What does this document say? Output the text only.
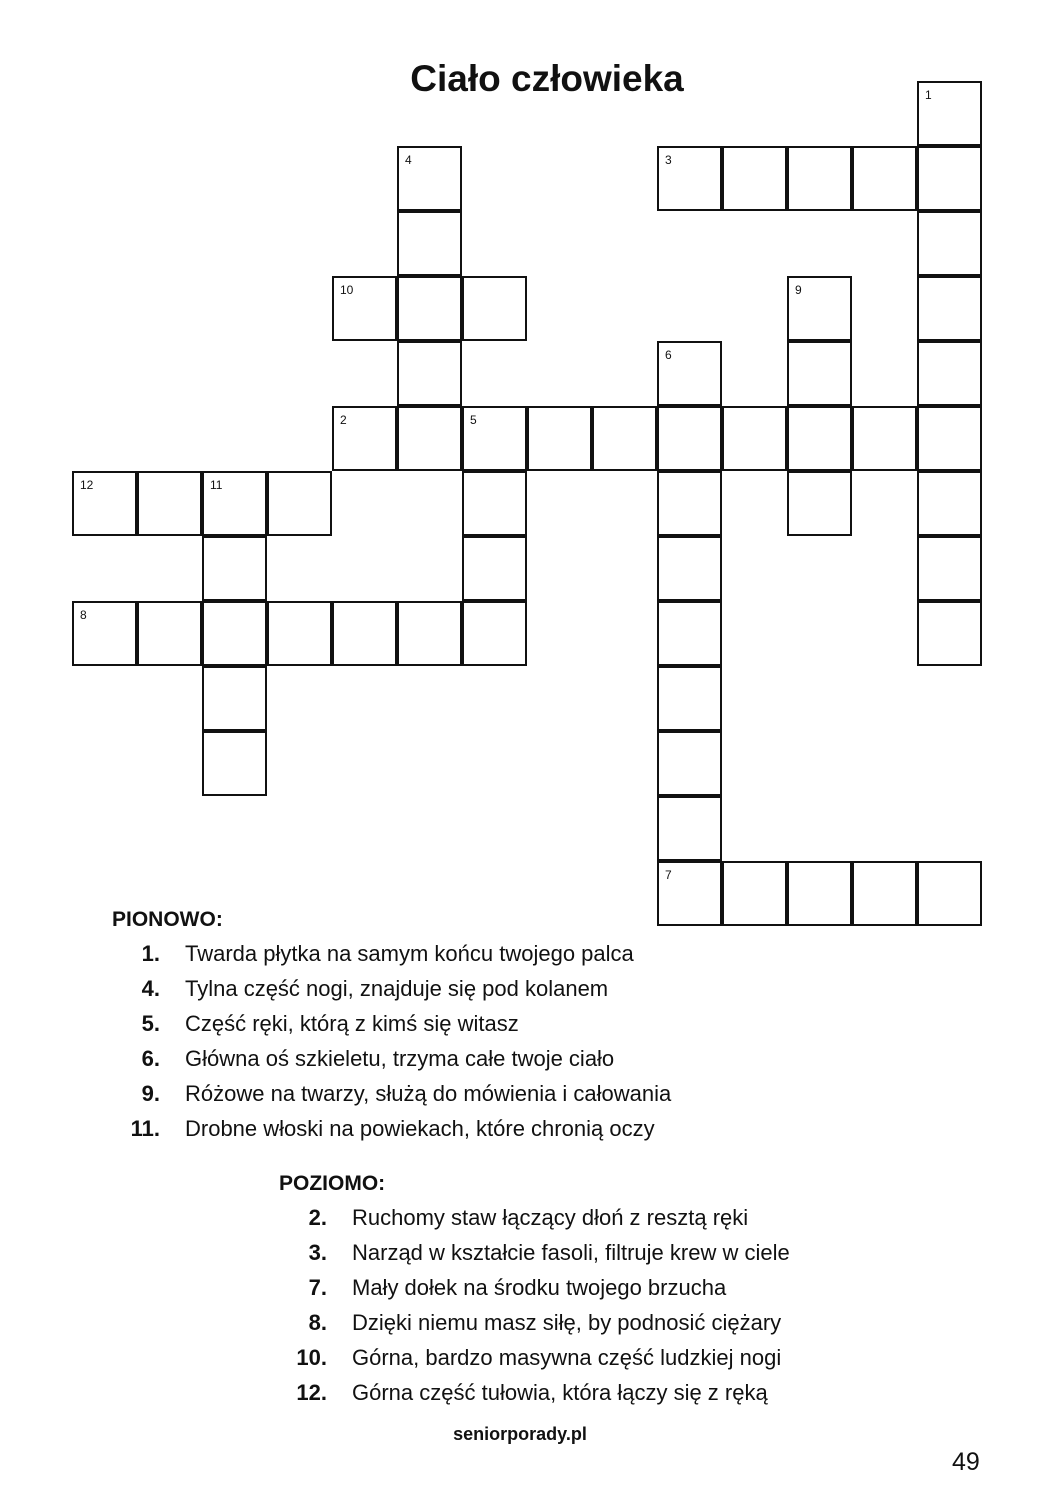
Ciało człowieka	1
4	3
10	9
6
2	5
12	11
8
7
PIONOWO:
1. Twarda płytka na samym końcu twojego palca
4. Tylna część nogi, znajduje się pod kolanem
5. Część ręki, którą z kimś się witasz
6. Główna oś szkieletu, trzyma całe twoje ciało
9. Różowe na twarzy, służą do mówienia i całowania
11. Drobne włoski na powiekach, które chronią oczy
POZIOMO:
2. Ruchomy staw łączący dłoń z resztą ręki
3. Narząd w kształcie fasoli, filtruje krew w ciele
7. Mały dołek na środku twojego brzucha
8. Dzięki niemu masz siłę, by podnosić ciężary
10. Górna, bardzo masywna część ludzkiej nogi
12. Górna część tułowia, która łączy się z ręką
49
seniorporady.pl
